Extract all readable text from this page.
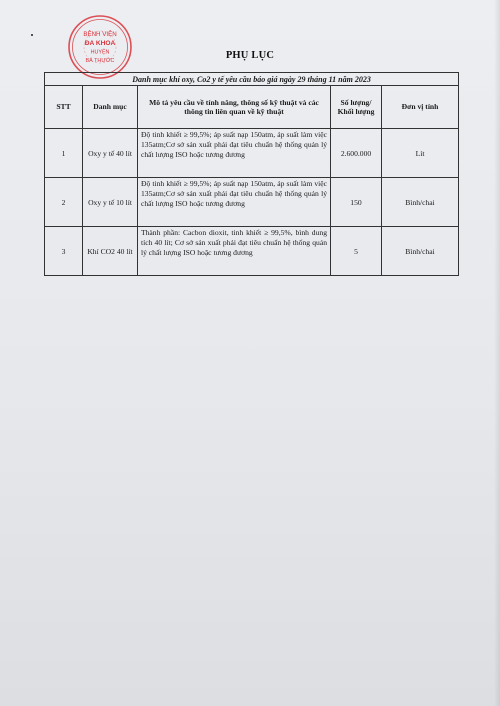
BỆNH VIỆN
ĐA KHOA
HUYỆN
BÁ THƯỚC	PHỤ LỤC
Danh mục khí oxy, Co2 y tế yêu cầu báo giá ngày 29 tháng 11 năm 2023				
STT	Danh mục	Mô tả yêu cầu về tính năng, thông số kỹ thuật và các thông tin liên quan về kỹ thuật	Số lượng/ Khối lượng	Đơn vị tính
1	Oxy y tế 40 lít	Độ tinh khiết ≥ 99,5%; áp suất nạp 150atm, áp suất làm việc 135atm;Cơ sở sản xuất phải đạt tiêu chuẩn hệ thống quản lý chất lượng ISO hoặc tương đương	2.600.000	Lít
2	Oxy y tế 10 lít	Độ tinh khiết ≥ 99,5%; áp suất nạp 150atm, áp suất làm việc 135atm;Cơ sở sản xuất phải đạt tiêu chuẩn hệ thống quản lý chất lượng ISO hoặc tương đương	150	Bình/chai
3	Khí CO2 40 lít	Thành phần: Cacbon dioxit, tinh khiết ≥ 99,5%, bình dung tích 40 lít; Cơ sở sản xuất phải đạt tiêu chuẩn hệ thống quản lý chất lượng ISO hoặc tương đương	5	Bình/chai
